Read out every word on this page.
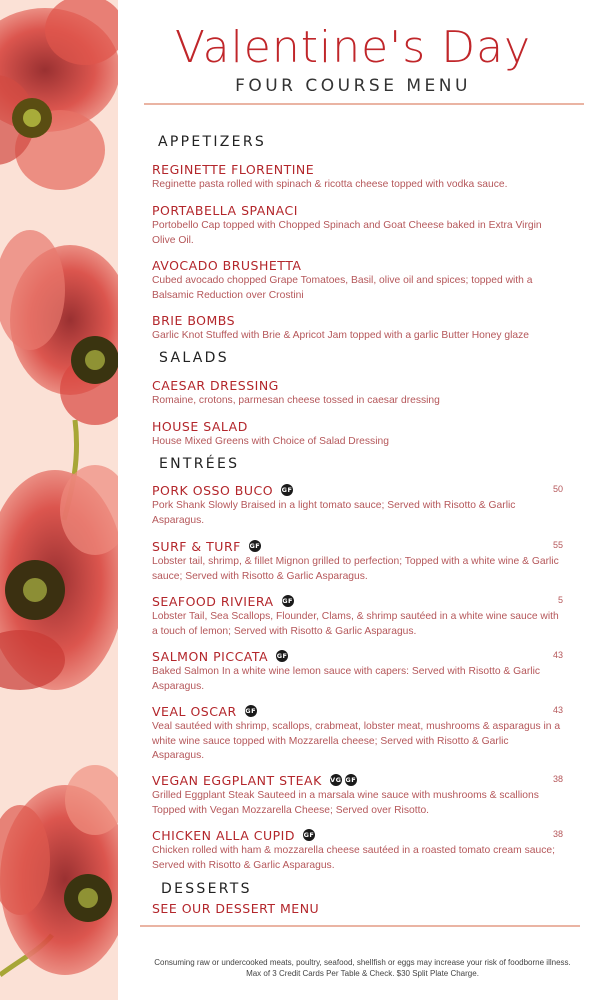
Valentine's Day
FOUR COURSE MENU
APPETIZERS
REGINETTE FLORENTINE
Reginette pasta rolled with spinach & ricotta cheese topped with vodka sauce.
PORTABELLA SPANACI
Portobello Cap topped with Chopped Spinach and Goat Cheese baked in Extra Virgin Olive Oil.
AVOCADO BRUSHETTA
Cubed avocado chopped Grape Tomatoes, Basil, olive oil and spices; topped with a Balsamic Reduction over Crostini
BRIE BOMBS
Garlic Knot Stuffed with Brie & Apricot Jam topped with a garlic Butter Honey glaze
SALADS
CAESAR DRESSING
Romaine, crotons, parmesan cheese tossed in caesar dressing
HOUSE SALAD
House Mixed Greens with Choice of Salad Dressing
ENTRÉES
PORK OSSO BUCO GF	50
Pork Shank Slowly Braised in a light tomato sauce; Served with Risotto & Garlic Asparagus.
SURF & TURF GF	55
Lobster tail, shrimp, & fillet Mignon grilled to perfection; Topped with a white wine & Garlic sauce; Served with Risotto & Garlic Asparagus.
SEAFOOD RIVIERA GF	5
Lobster Tail, Sea Scallops, Flounder, Clams, & shrimp sautéed in a white wine sauce with a touch of lemon; Served with Risotto & Garlic Asparagus.
SALMON PICCATA GF	43
Baked Salmon In a white wine lemon sauce with capers: Served with Risotto & Garlic Asparagus.
VEAL OSCAR GF	43
Veal sautéed with shrimp, scallops, crabmeat, lobster meat, mushrooms & asparagus in a white wine sauce topped with Mozzarella cheese; Served with Risotto & Garlic Asparagus.
VEGAN EGGPLANT STEAK VG GF	38
Grilled Eggplant Steak Sauteed in a marsala wine sauce with mushrooms & scallions Topped with Vegan Mozzarella Cheese; Served over Risotto.
CHICKEN ALLA CUPID GF	38
Chicken rolled with ham & mozzarella cheese sautéed in a roasted tomato cream sauce; Served with Risotto & Garlic Asparagus.
DESSERTS
SEE OUR DESSERT MENU
Consuming raw or undercooked meats, poultry, seafood, shellfish or eggs may increase your risk of foodborne illness.
Max of 3 Credit Cards Per Table & Check. $30 Split Plate Charge.
